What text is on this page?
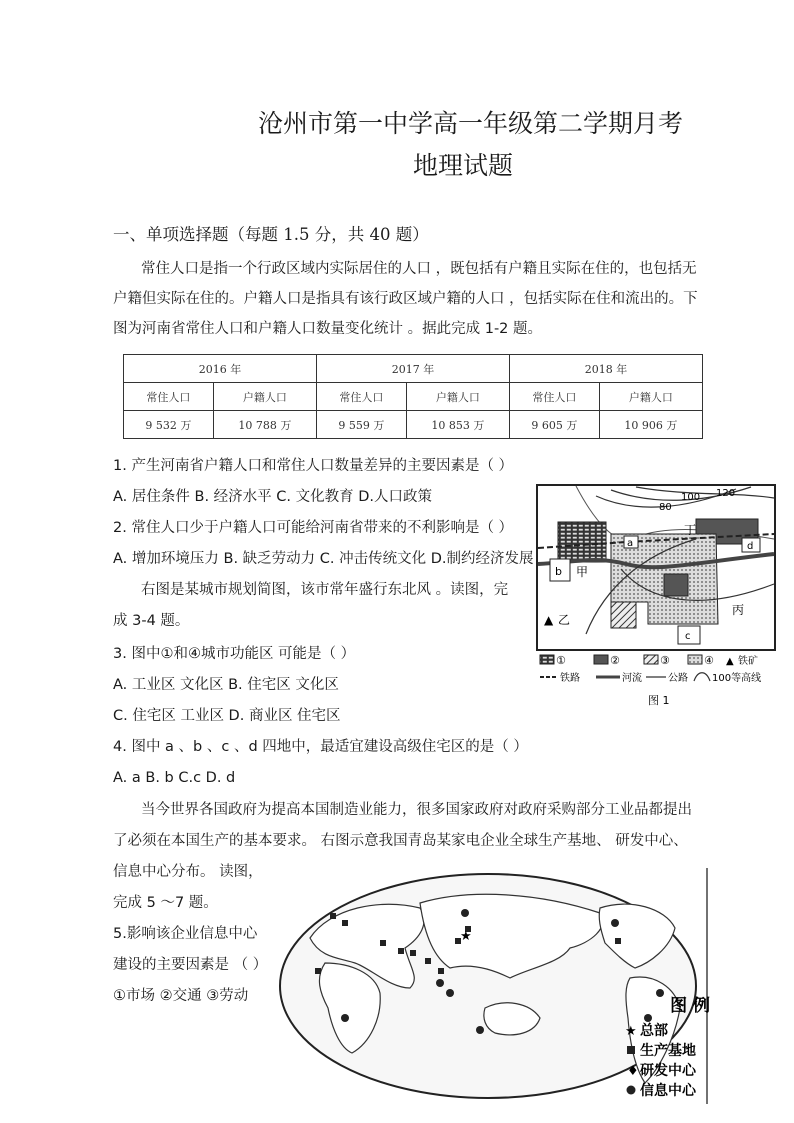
沧州市第一中学高一年级第二学期月考
地理试题
一、单项选择题（每题 1.5 分，共 40 题）
常住人口是指一个行政区域内实际居住的人口 ，既包括有户籍且实际在住的，也包括无
户籍但实际在住的。户籍人口是指具有该行政区域户籍的人口 ，包括实际在住和流出的。下
图为河南省常住人口和户籍人口数量变化统计 。据此完成 1-2 题。
2016 年		2017 年		2018 年	
常住人口	户籍人口	常住人口	户籍人口	常住人口	户籍人口
9 532 万	10 788 万	9 559 万	10 853 万	9 605 万	10 906 万
1. 产生河南省户籍人口和常住人口数量差异的主要因素是（ ）
A. 居住条件 B. 经济水平 C. 文化教育 D.人口政策
2. 常住人口少于户籍人口可能给河南省带来的不利影响是（ ）
A. 增加环境压力 B. 缺乏劳动力 C. 冲击传统文化 D.制约经济发展
右图是某城市规划简图，该市常年盛行东北风 。读图，完
成 3-4 题。
3. 图中①和④城市功能区 可能是（ ）
A. 工业区 文化区 B. 住宅区 文化区
C. 住宅区 工业区 D. 商业区 住宅区
4. 图中 a 、b 、c 、d 四地中，最适宜建设高级住宅区的是（ ）
A. a B. b C.c D. d
当今世界各国政府为提高本国制造业能力，很多国家政府对政府采购部分工业品都提出
了必须在本国生产的基本要求。 右图示意我国青岛某家电企业全球生产基地、 研发中心、
信息中心分布。 读图，
完成 5 ～7 题。
5.影响该企业信息中心
建设的主要因素是 （ ）
①市场 ②交通 ③劳动
100 120
80
b 甲
a	d
c
丁
丙
▲ 乙
①	②	③	④ ▲ 铁矿
铁路	河流	公路 100等高线
图 1
★
图 例
★ 总部
生产基地
♦ 研发中心
信息中心
